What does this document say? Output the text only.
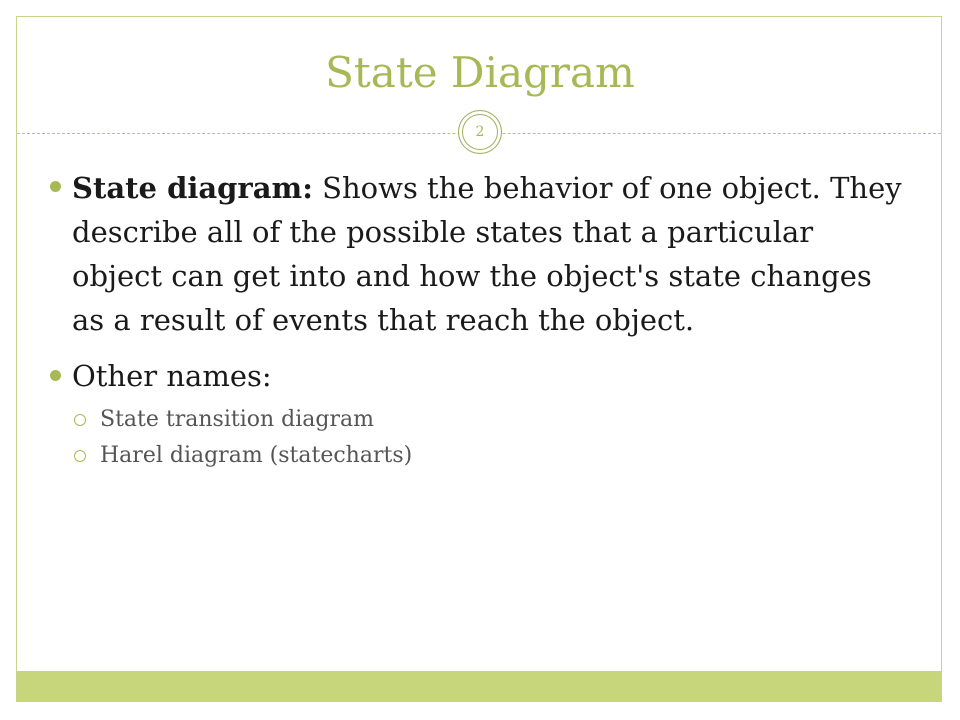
State Diagram
2
State diagram: Shows the behavior of one object. They describe all of the possible states that a particular object can get into and how the object's state changes as a result of events that reach the object.
Other names:
State transition diagram
Harel diagram (statecharts)
